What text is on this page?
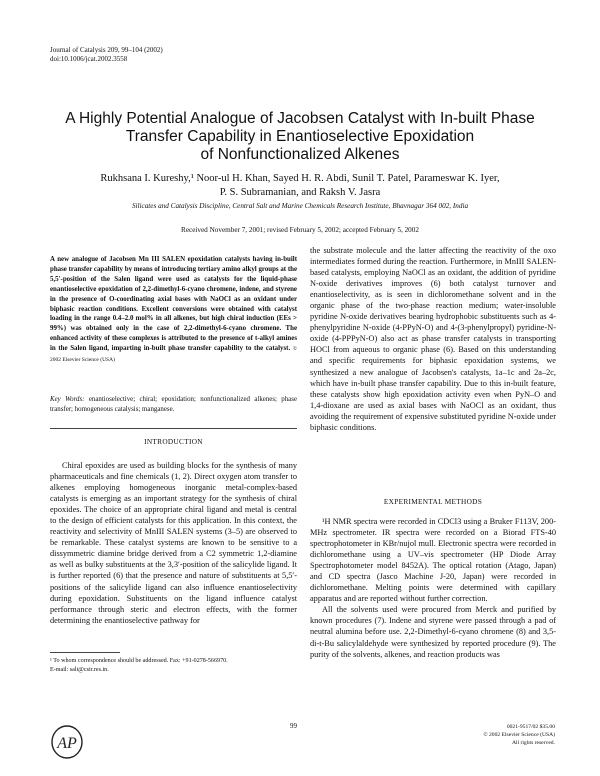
Journal of Catalysis 209, 99–104 (2002)
doi:10.1006/jcat.2002.3558
A Highly Potential Analogue of Jacobsen Catalyst with In-built Phase
Transfer Capability in Enantioselective Epoxidation
of Nonfunctionalized Alkenes
Rukhsana I. Kureshy,¹ Noor-ul H. Khan, Sayed H. R. Abdi, Sunil T. Patel, Parameswar K. Iyer,
P. S. Subramanian, and Raksh V. Jasra
Silicates and Catalysis Discipline, Central Salt and Marine Chemicals Research Institute, Bhavnagar 364 002, India
Received November 7, 2001; revised February 5, 2002; accepted February 5, 2002
A new analogue of Jacobsen Mn III SALEN epoxidation catalysts having in-built phase transfer capability by means of introducing tertiary amino alkyl groups at the 5,5′-position of the Salen ligand were used as catalysts for the liquid-phase enantioselective epoxidation of 2,2-dimethyl-6-cyano chromene, indene, and styrene in the presence of O-coordinating axial bases with NaOCl as an oxidant under biphasic reaction conditions. Excellent conversions were obtained with catalyst loading in the range 0.4–2.0 mol% in all alkenes, but high chiral induction (EEs > 99%) was obtained only in the case of 2,2-dimethyl-6-cyano chromene. The enhanced activity of these complexes is attributed to the presence of t-alkyl amines in the Salen ligand, imparting in-built phase transfer capability to the catalyst. © 2002 Elsevier Science (USA)
Key Words: enantioselective; chiral; epoxidation; nonfunctionalized alkenes; phase transfer; homogeneous catalysis; manganese.
INTRODUCTION

Chiral epoxides are used as building blocks for the synthesis of many pharmaceuticals and fine chemicals (1, 2). Direct oxygen atom transfer to alkenes employing homogeneous inorganic metal-complex-based catalysts is emerging as an important strategy for the synthesis of chiral epoxides. The choice of an appropriate chiral ligand and metal is central to the design of efficient catalysts for this application. In this context, the reactivity and selectivity of MnIII SALEN systems (3–5) are observed to be remarkable. These catalyst systems are known to be sensitive to a dissymmetric diamine bridge derived from a C2 symmetric 1,2-diamine as well as bulky substituents at the 3,3′-position of the salicylide ligand. It is further reported (6) that the presence and nature of substituents at 5,5′-positions of the salicylide ligand can also influence enantioselectivity during epoxidation. Substituents on the ligand influence catalyst performance through steric and electron effects, with the former determining the enantioselective pathway for

¹ To whom correspondence should be addressed. Fax: +91-0278-566970.
E-mail: salt@csir.res.in.
the substrate molecule and the latter affecting the reactivity of the oxo intermediates formed during the reaction. Furthermore, in MnIII SALEN-based catalysts, employing NaOCl as an oxidant, the addition of pyridine N-oxide derivatives improves (6) both catalyst turnover and enantioselectivity, as is seen in dichloromethane solvent and in the organic phase of the two-phase reaction medium; water-insoluble pyridine N-oxide derivatives bearing hydrophobic substituents such as 4-phenylpyridine N-oxide (4-PPyN-O) and 4-(3-phenylpropyl) pyridine-N-oxide (4-PPPyN-O) also act as phase transfer catalysts in transporting HOCl from aqueous to organic phase (6). Based on this understanding and specific requirements for biphasic epoxidation systems, we synthesized a new analogue of Jacobsen's catalysts, 1a–1c and 2a–2c, which have in-built phase transfer capability. Due to this in-built feature, these catalysts show high epoxidation activity even when PyN–O and 1,4-dioxane are used as axial bases with NaOCl as an oxidant, thus avoiding the requirement of expensive substituted pyridine N-oxide under biphasic conditions.
EXPERIMENTAL METHODS

¹H NMR spectra were recorded in CDCl3 using a Bruker F113V, 200-MHz spectrometer. IR spectra were recorded on a Biorad FTS-40 spectrophotometer in KBr/nujol mull. Electronic spectra were recorded in dichloromethane using a UV–vis spectrometer (HP Diode Array Spectrophotometer model 8452A). The optical rotation (Atago, Japan) and CD spectra (Jasco Machine J-20, Japan) were recorded in dichloromethane. Melting points were determined with capillary apparatus and are reported without further correction.

All the solvents used were procured from Merck and purified by known procedures (7). Indene and styrene were passed through a pad of neutral alumina before use. 2,2-Dimethyl-6-cyano chromene (8) and 3,5-di-t-Bu salicylaldehyde were synthesized by reported procedure (9). The purity of the solvents, alkenes, and reaction products was

99
AP
0021-9517/02 $35.00
© 2002 Elsevier Science (USA)
All rights reserved.
